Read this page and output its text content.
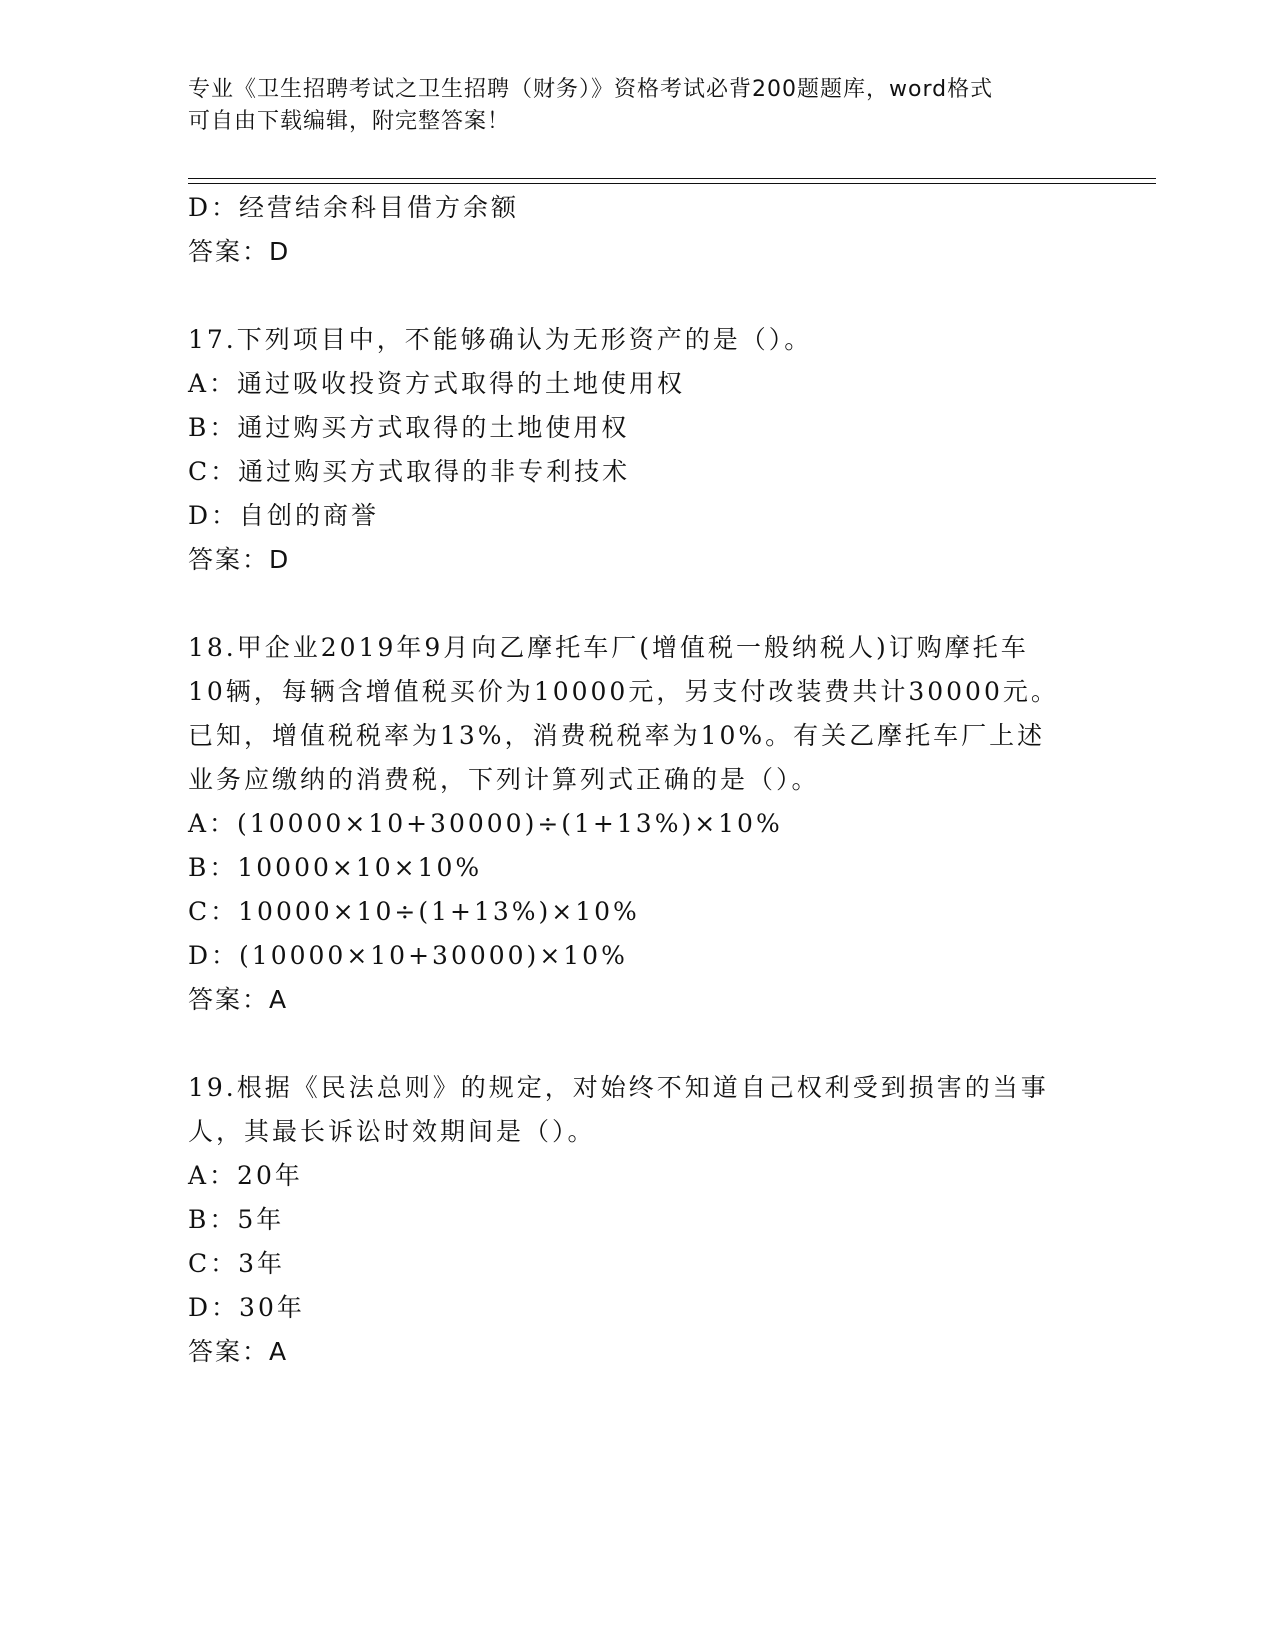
专业《卫生招聘考试之卫生招聘（财务）》资格考试必背200题题库，word格式
可自由下载编辑，附完整答案！
D：经营结余科目借方余额
答案：D
17.下列项目中，不能够确认为无形资产的是（）。
A：通过吸收投资方式取得的土地使用权
B：通过购买方式取得的土地使用权
C：通过购买方式取得的非专利技术
D：自创的商誉
答案：D
18.甲企业2019年9月向乙摩托车厂(增值税一般纳税人)订购摩托车
10辆，每辆含增值税买价为10000元，另支付改装费共计30000元。
已知，增值税税率为13%，消费税税率为10%。有关乙摩托车厂上述
业务应缴纳的消费税，下列计算列式正确的是（）。
A：(10000×10+30000)÷(1+13%)×10%
B：10000×10×10%
C：10000×10÷(1+13%)×10%
D：(10000×10+30000)×10%
答案：A
19.根据《民法总则》的规定，对始终不知道自己权利受到损害的当事
人，其最长诉讼时效期间是（）。
A：20年
B：5年
C：3年
D：30年
答案：A
